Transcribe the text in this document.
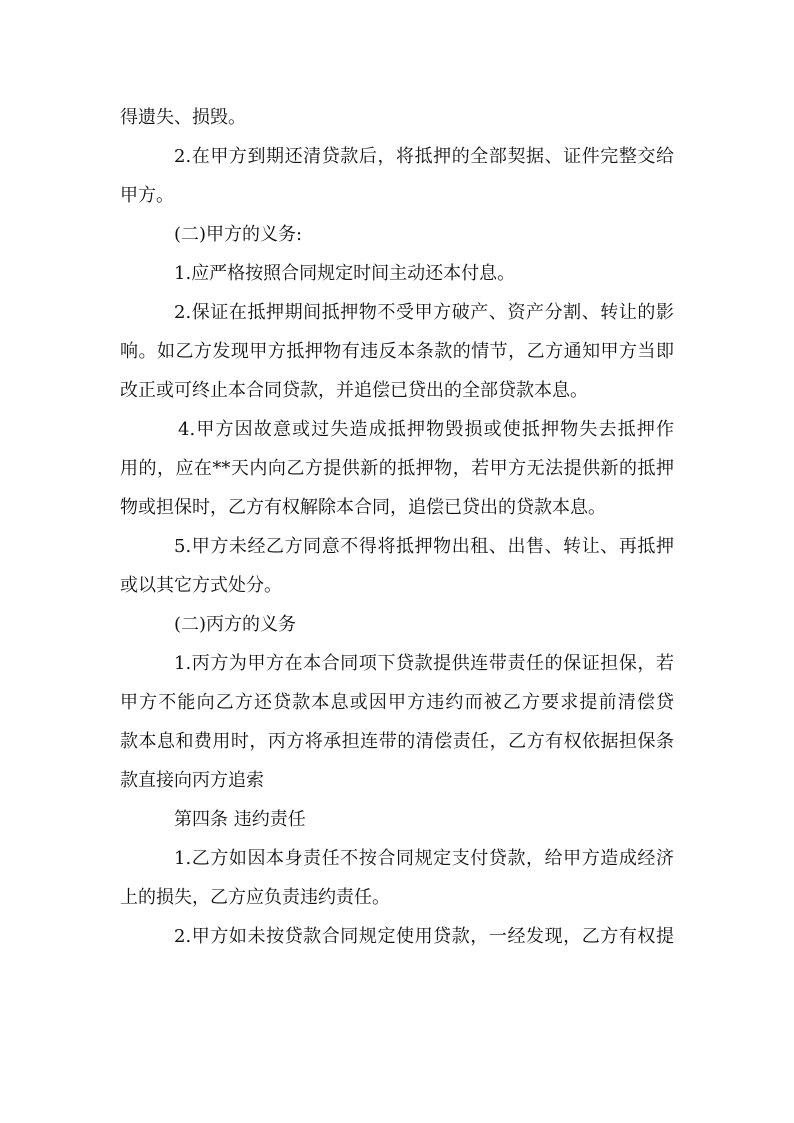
得遗失、损毁。
2.在甲方到期还清贷款后，将抵押的全部契据、证件完整交给
甲方。
(二)甲方的义务:
1.应严格按照合同规定时间主动还本付息。
2.保证在抵押期间抵押物不受甲方破产、资产分割、转让的影
响。如乙方发现甲方抵押物有违反本条款的情节，乙方通知甲方当即
改正或可终止本合同贷款，并追偿已贷出的全部贷款本息。
4.甲方因故意或过失造成抵押物毁损或使抵押物失去抵押作
用的，应在**天内向乙方提供新的抵押物，若甲方无法提供新的抵押
物或担保时，乙方有权解除本合同，追偿已贷出的贷款本息。
5.甲方未经乙方同意不得将抵押物出租、出售、转让、再抵押
或以其它方式处分。
(二)丙方的义务
1.丙方为甲方在本合同项下贷款提供连带责任的保证担保，若
甲方不能向乙方还贷款本息或因甲方违约而被乙方要求提前清偿贷
款本息和费用时，丙方将承担连带的清偿责任，乙方有权依据担保条
款直接向丙方追索
第四条 违约责任
1.乙方如因本身责任不按合同规定支付贷款，给甲方造成经济
上的损失，乙方应负责违约责任。
2.甲方如未按贷款合同规定使用贷款，一经发现，乙方有权提
